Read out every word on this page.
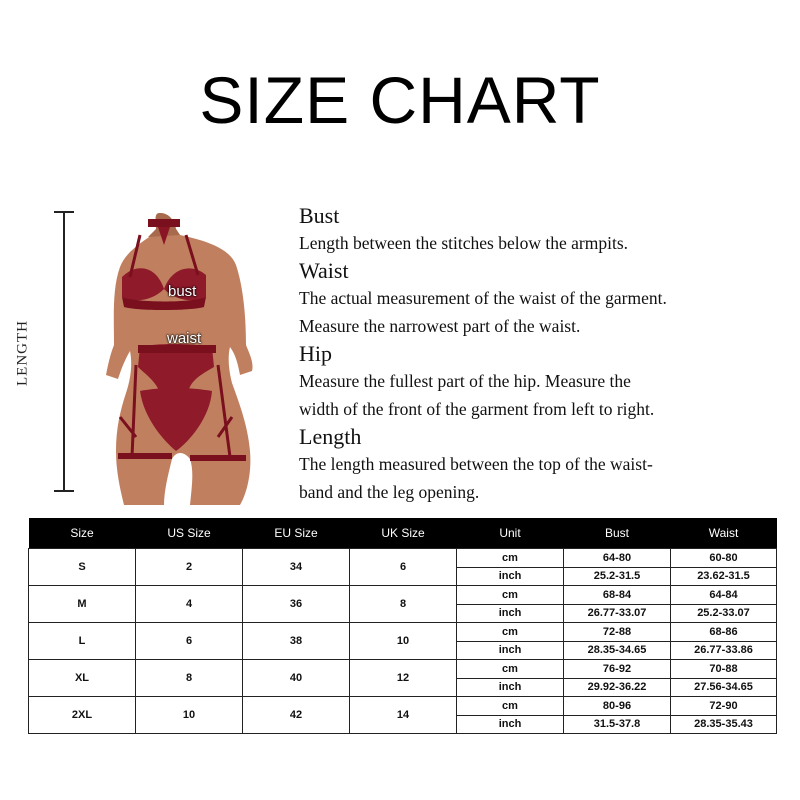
SIZE CHART
LENGTH
bust
waist

Bust

Length between the stitches below the armpits.

Waist

The actual measurement of the waist of the garment.

Measure the narrowest part of the waist.

Hip

Measure the fullest part of the hip. Measure the

width of the front of the garment from left to right.

Length

The length measured between the top of the waist-

band and the leg opening.

Size	US Size	EU Size	UK Size	Unit	Bust	Waist
S	2	34	6	cm	64-80	60-80
				inch	25.2-31.5	23.62-31.5
M	4	36	8	cm	68-84	64-84
				inch	26.77-33.07	25.2-33.07
L	6	38	10	cm	72-88	68-86
				inch	28.35-34.65	26.77-33.86
XL	8	40	12	cm	76-92	70-88
				inch	29.92-36.22	27.56-34.65
2XL	10	42	14	cm	80-96	72-90
				inch	31.5-37.8	28.35-35.43
